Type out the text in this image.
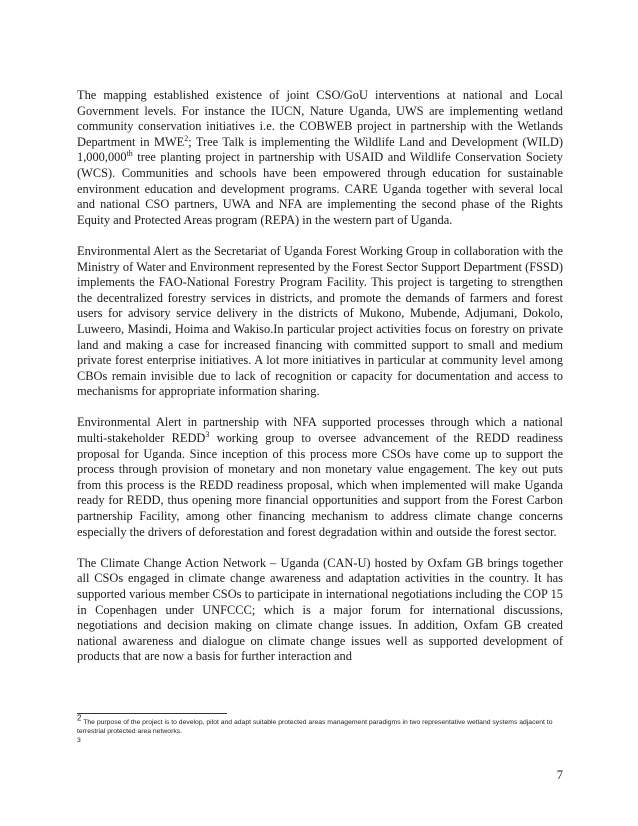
The mapping established existence of joint CSO/GoU interventions at national and Local Government levels. For instance the IUCN, Nature Uganda, UWS are implementing wetland community conservation initiatives i.e. the COBWEB project in partnership with the Wetlands Department in MWE$^2$; Tree Talk is implementing the Wildlife Land and Development (WILD) 1,000,000th tree planting project in partnership with USAID and Wildlife Conservation Society (WCS). Communities and schools have been empowered through education for sustainable environment education and development programs. CARE Uganda together with several local and national CSO partners, UWA and NFA are implementing the second phase of the Rights Equity and Protected Areas program (REPA) in the western part of Uganda.

Environmental Alert as the Secretariat of Uganda Forest Working Group in collaboration with the Ministry of Water and Environment represented by the Forest Sector Support Department (FSSD) implements the FAO-National Forestry Program Facility. This project is targeting to strengthen the decentralized forestry services in districts, and promote the demands of farmers and forest users for advisory service delivery in the districts of Mukono, Mubende, Adjumani, Dokolo, Luweero, Masindi, Hoima and Wakiso.In particular project activities focus on forestry on private land and making a case for increased financing with committed support to small and medium private forest enterprise initiatives. A lot more initiatives in particular at community level among CBOs remain invisible due to lack of recognition or capacity for documentation and access to mechanisms for appropriate information sharing.

Environmental Alert in partnership with NFA supported processes through which a national multi-stakeholder REDD$^3$ working group to oversee advancement of the REDD readiness proposal for Uganda. Since inception of this process more CSOs have come up to support the process through provision of monetary and non monetary value engagement. The key out puts from this process is the REDD readiness proposal, which when implemented will make Uganda ready for REDD, thus opening more financial opportunities and support from the Forest Carbon partnership Facility, among other financing mechanism to address climate change concerns especially the drivers of deforestation and forest degradation within and outside the forest sector.

The Climate Change Action Network – Uganda (CAN-U) hosted by Oxfam GB brings together all CSOs engaged in climate change awareness and adaptation activities in the country. It has supported various member CSOs to participate in international negotiations including the COP 15 in Copenhagen under UNFCCC; which is a major forum for international discussions, negotiations and decision making on climate change issues. In addition, Oxfam GB created national awareness and dialogue on climate change issues well as supported development of products that are now a basis for further interaction and

$^2$ The purpose of the project is to develop, pilot and adapt suitable protected areas management paradigms in two representative wetland systems adjacent to terrestrial protected area networks.
3
7
